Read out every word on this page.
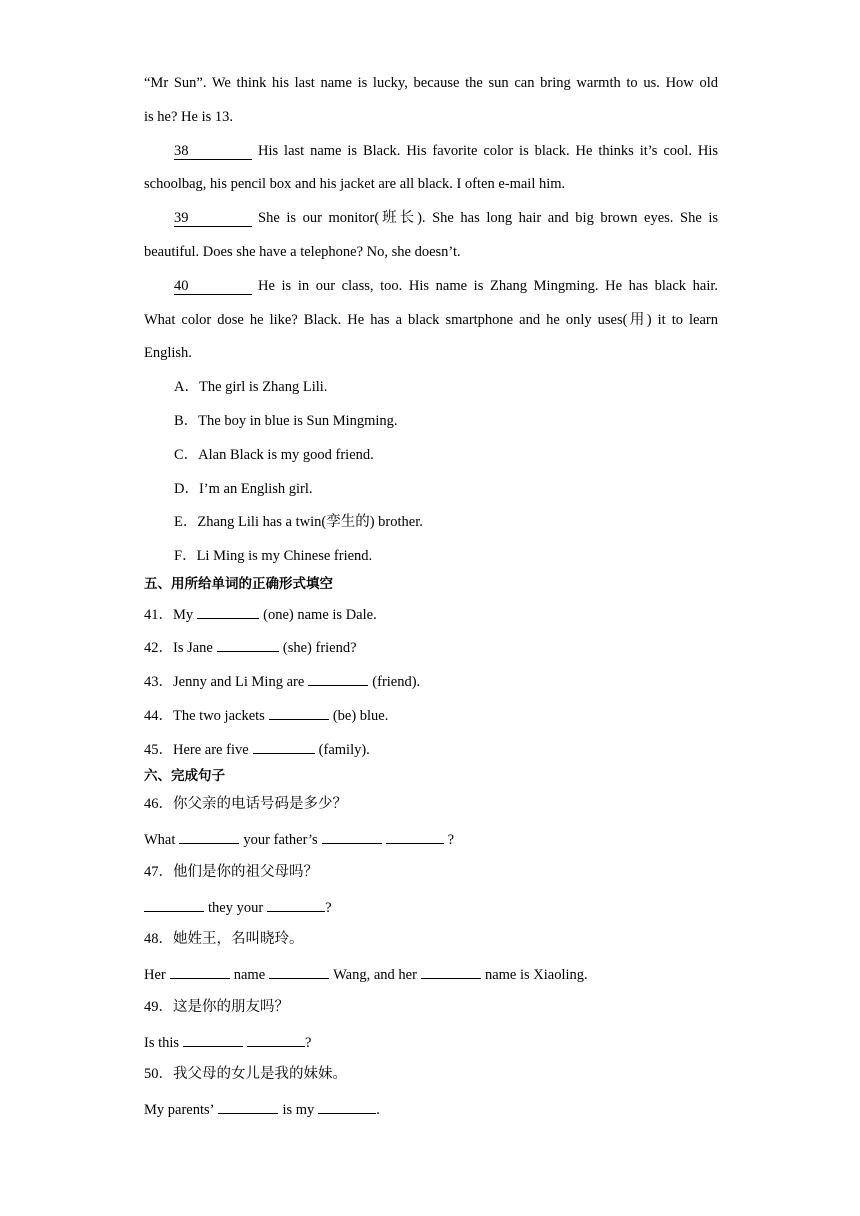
“Mr Sun”. We think his last name is lucky, because the sun can bring warmth to us. How old
is he? He is 13.
38	His last name is Black. His favorite color is black. He thinks it’s cool. His
schoolbag, his pencil box and his jacket are all black. I often e-mail him.
39	She is our monitor(班长). She has long hair and big brown eyes. She is
beautiful. Does she have a telephone? No, she doesn’t.
40	He is in our class, too. His name is Zhang Mingming. He has black hair.
What color dose he like? Black. He has a black smartphone and he only uses(用) it to learn
English.
A．The girl is Zhang Lili.
B．The boy in blue is Sun Mingming.
C．Alan Black is my good friend.
D．I’m an English girl.
E．Zhang Lili has a twin(孪生的) brother.
F．Li Ming is my Chinese friend.
五、用所给单词的正确形式填空
41．My	(one) name is Dale.
42．Is Jane	(she) friend?
43．Jenny and Li Ming are	(friend).
44．The two jackets	(be) blue.
45．Here are five	(family).
六、完成句子
46．你父亲的电话号码是多少？
What	your father’s	?
47．他们是你的祖父母吗？
they your	?
48．她姓王，名叫晓玲。
Her	name	Wang, and her	name is Xiaoling.
49．这是你的朋友吗？
Is this	?
50．我父母的女儿是我的妹妹。
My parents’	is my	.
